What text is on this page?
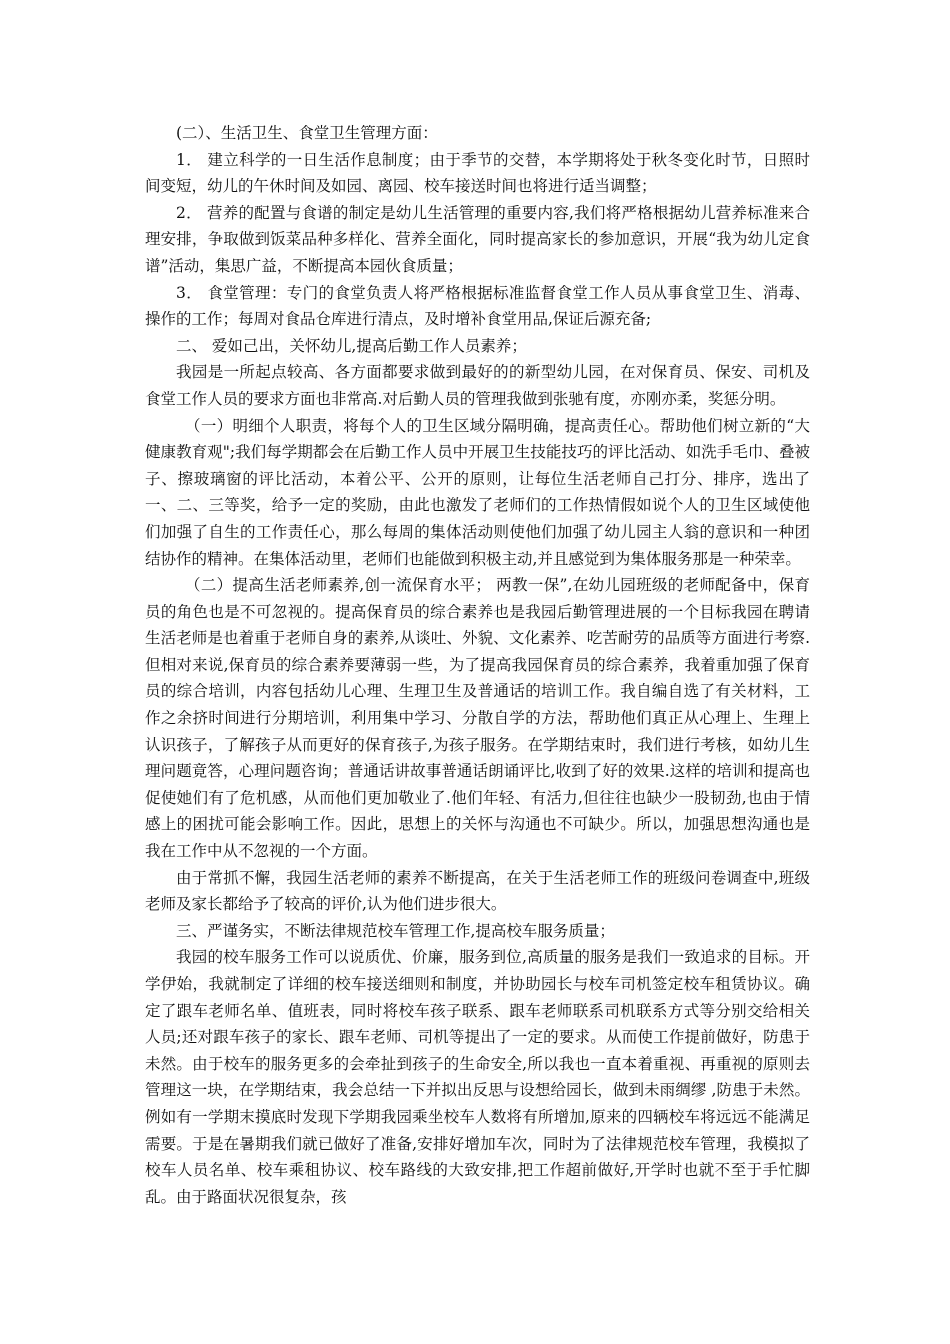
(二）、生活卫生、食堂卫生管理方面：

1． 建立科学的一日生活作息制度；由于季节的交替，本学期将处于秋冬变化时节，日照时间变短，幼儿的午休时间及如园、离园、校车接送时间也将进行适当调整；

2． 营养的配置与食谱的制定是幼儿生活管理的重要内容,我们将严格根据幼儿营养标准来合理安排，争取做到饭菜品种多样化、营养全面化，同时提高家长的参加意识，开展“我为幼儿定食谱”活动，集思广益，不断提高本园伙食质量；

3． 食堂管理：专门的食堂负责人将严格根据标准监督食堂工作人员从事食堂卫生、消毒、操作的工作；每周对食品仓库进行清点，及时增补食堂用品,保证后源充备;

二、 爱如己出，关怀幼儿,提高后勤工作人员素养；

我园是一所起点较高、各方面都要求做到最好的的新型幼儿园，在对保育员、保安、司机及食堂工作人员的要求方面也非常高.对后勤人员的管理我做到张驰有度，亦刚亦柔，奖惩分明。

（一）明细个人职责，将每个人的卫生区域分隔明确，提高责任心。帮助他们树立新的“大健康教育观";我们每学期都会在后勤工作人员中开展卫生技能技巧的评比活动、如洗手毛巾、叠被子、擦玻璃窗的评比活动，本着公平、公开的原则，让每位生活老师自己打分、排序，选出了一、二、三等奖，给予一定的奖励，由此也激发了老师们的工作热情假如说个人的卫生区域使他们加强了自生的工作责任心，那么每周的集体活动则使他们加强了幼儿园主人翁的意识和一种团结协作的精神。在集体活动里，老师们也能做到积极主动,并且感觉到为集体服务那是一种荣幸。

（二）提高生活老师素养,创一流保育水平； 两教一保”,在幼儿园班级的老师配备中，保育员的角色也是不可忽视的。提高保育员的综合素养也是我园后勤管理进展的一个目标我园在聘请生活老师是也着重于老师自身的素养,从谈吐、外貌、文化素养、吃苦耐劳的品质等方面进行考察.但相对来说,保育员的综合素养要薄弱一些，为了提高我园保育员的综合素养，我着重加强了保育员的综合培训，内容包括幼儿心理、生理卫生及普通话的培训工作。我自编自选了有关材料，工作之余挤时间进行分期培训，利用集中学习、分散自学的方法，帮助他们真正从心理上、生理上认识孩子，了解孩子从而更好的保育孩子,为孩子服务。在学期结束时，我们进行考核，如幼儿生理问题竟答，心理问题咨询；普通话讲故事普通话朗诵评比,收到了好的效果.这样的培训和提高也促使她们有了危机感，从而他们更加敬业了.他们年轻、有活力,但往往也缺少一股韧劲,也由于情感上的困扰可能会影响工作。因此，思想上的关怀与沟通也不可缺少。所以，加强思想沟通也是我在工作中从不忽视的一个方面。

由于常抓不懈，我园生活老师的素养不断提高，在关于生活老师工作的班级问卷调查中,班级老师及家长都给予了较高的评价,认为他们进步很大。

三、严谨务实，不断法律规范校车管理工作,提高校车服务质量；

我园的校车服务工作可以说质优、价廉，服务到位,高质量的服务是我们一致追求的目标。开学伊始，我就制定了详细的校车接送细则和制度，并协助园长与校车司机签定校车租赁协议。确定了跟车老师名单、值班表，同时将校车孩子联系、跟车老师联系司机联系方式等分别交给相关人员;还对跟车孩子的家长、跟车老师、司机等提出了一定的要求。从而使工作提前做好，防患于未然。由于校车的服务更多的会牵扯到孩子的生命安全,所以我也一直本着重视、再重视的原则去管理这一块，在学期结束，我会总结一下并拟出反思与设想给园长，做到未雨绸缪 ,防患于未然。例如有一学期末摸底时发现下学期我园乘坐校车人数将有所增加,原来的四辆校车将远远不能满足需要。于是在暑期我们就已做好了准备,安排好增加车次，同时为了法律规范校车管理，我模拟了校车人员名单、校车乘租协议、校车路线的大致安排,把工作超前做好,开学时也就不至于手忙脚乱。由于路面状况很复杂，孩
